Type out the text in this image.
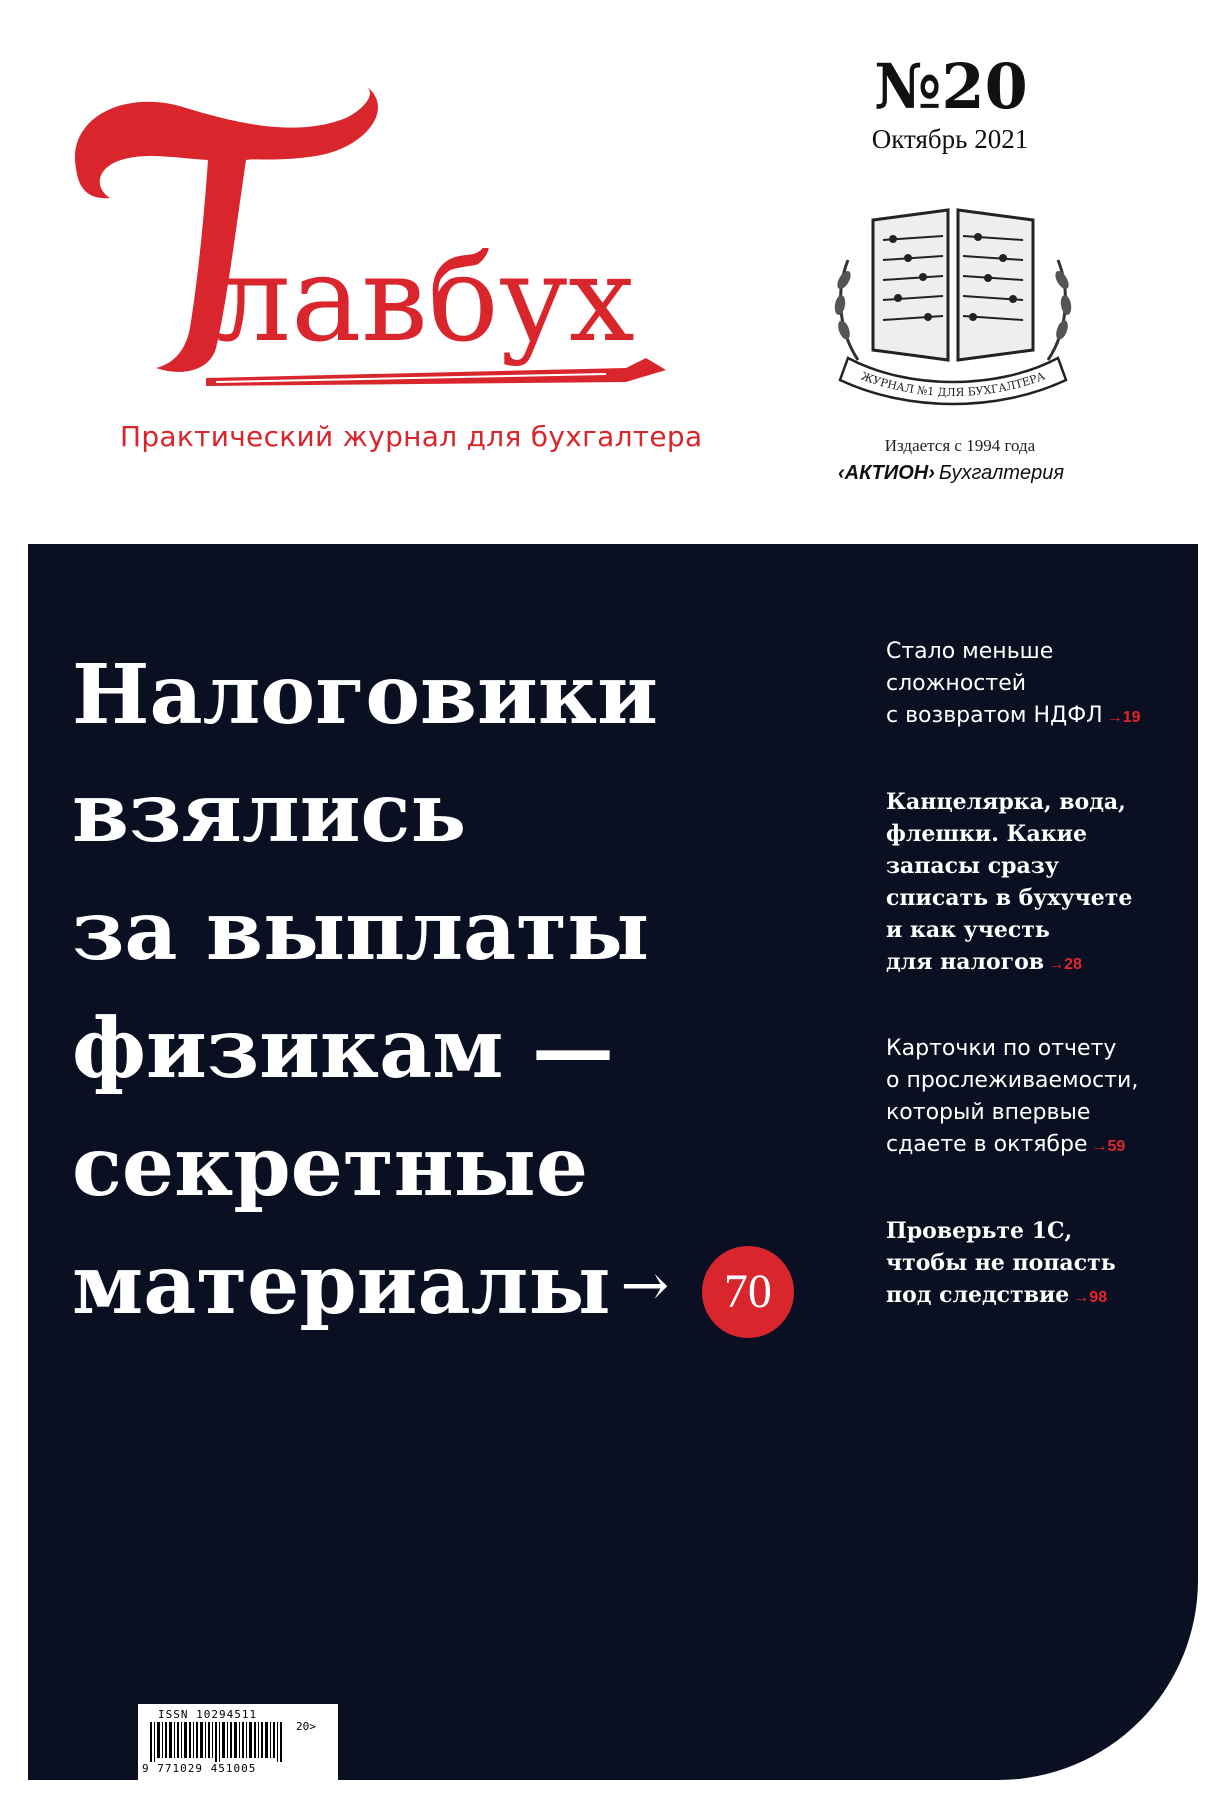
лавбух
Практический журнал для бухгалтера
№20
Октябрь 2021
ЖУРНАЛ №1 ДЛЯ БУХГАЛТЕРА
Издается с 1994 года
‹АКТИОН› Бухгалтерия
Налоговики
взялись
за выплаты
физикам —
секретные
материалы → 70
Стало меньше
сложностей
с возвратом НДФЛ →19
Канцелярка, вода,
флешки. Какие
запасы сразу
списать в бухучете
и как учесть
для налогов →28
Карточки по отчету
о прослеживаемости,
который впервые
сдаете в октябре →59
Проверьте 1С,
чтобы не попасть
под следствие →98
ISSN 10294511
20>
9 771029 451005
